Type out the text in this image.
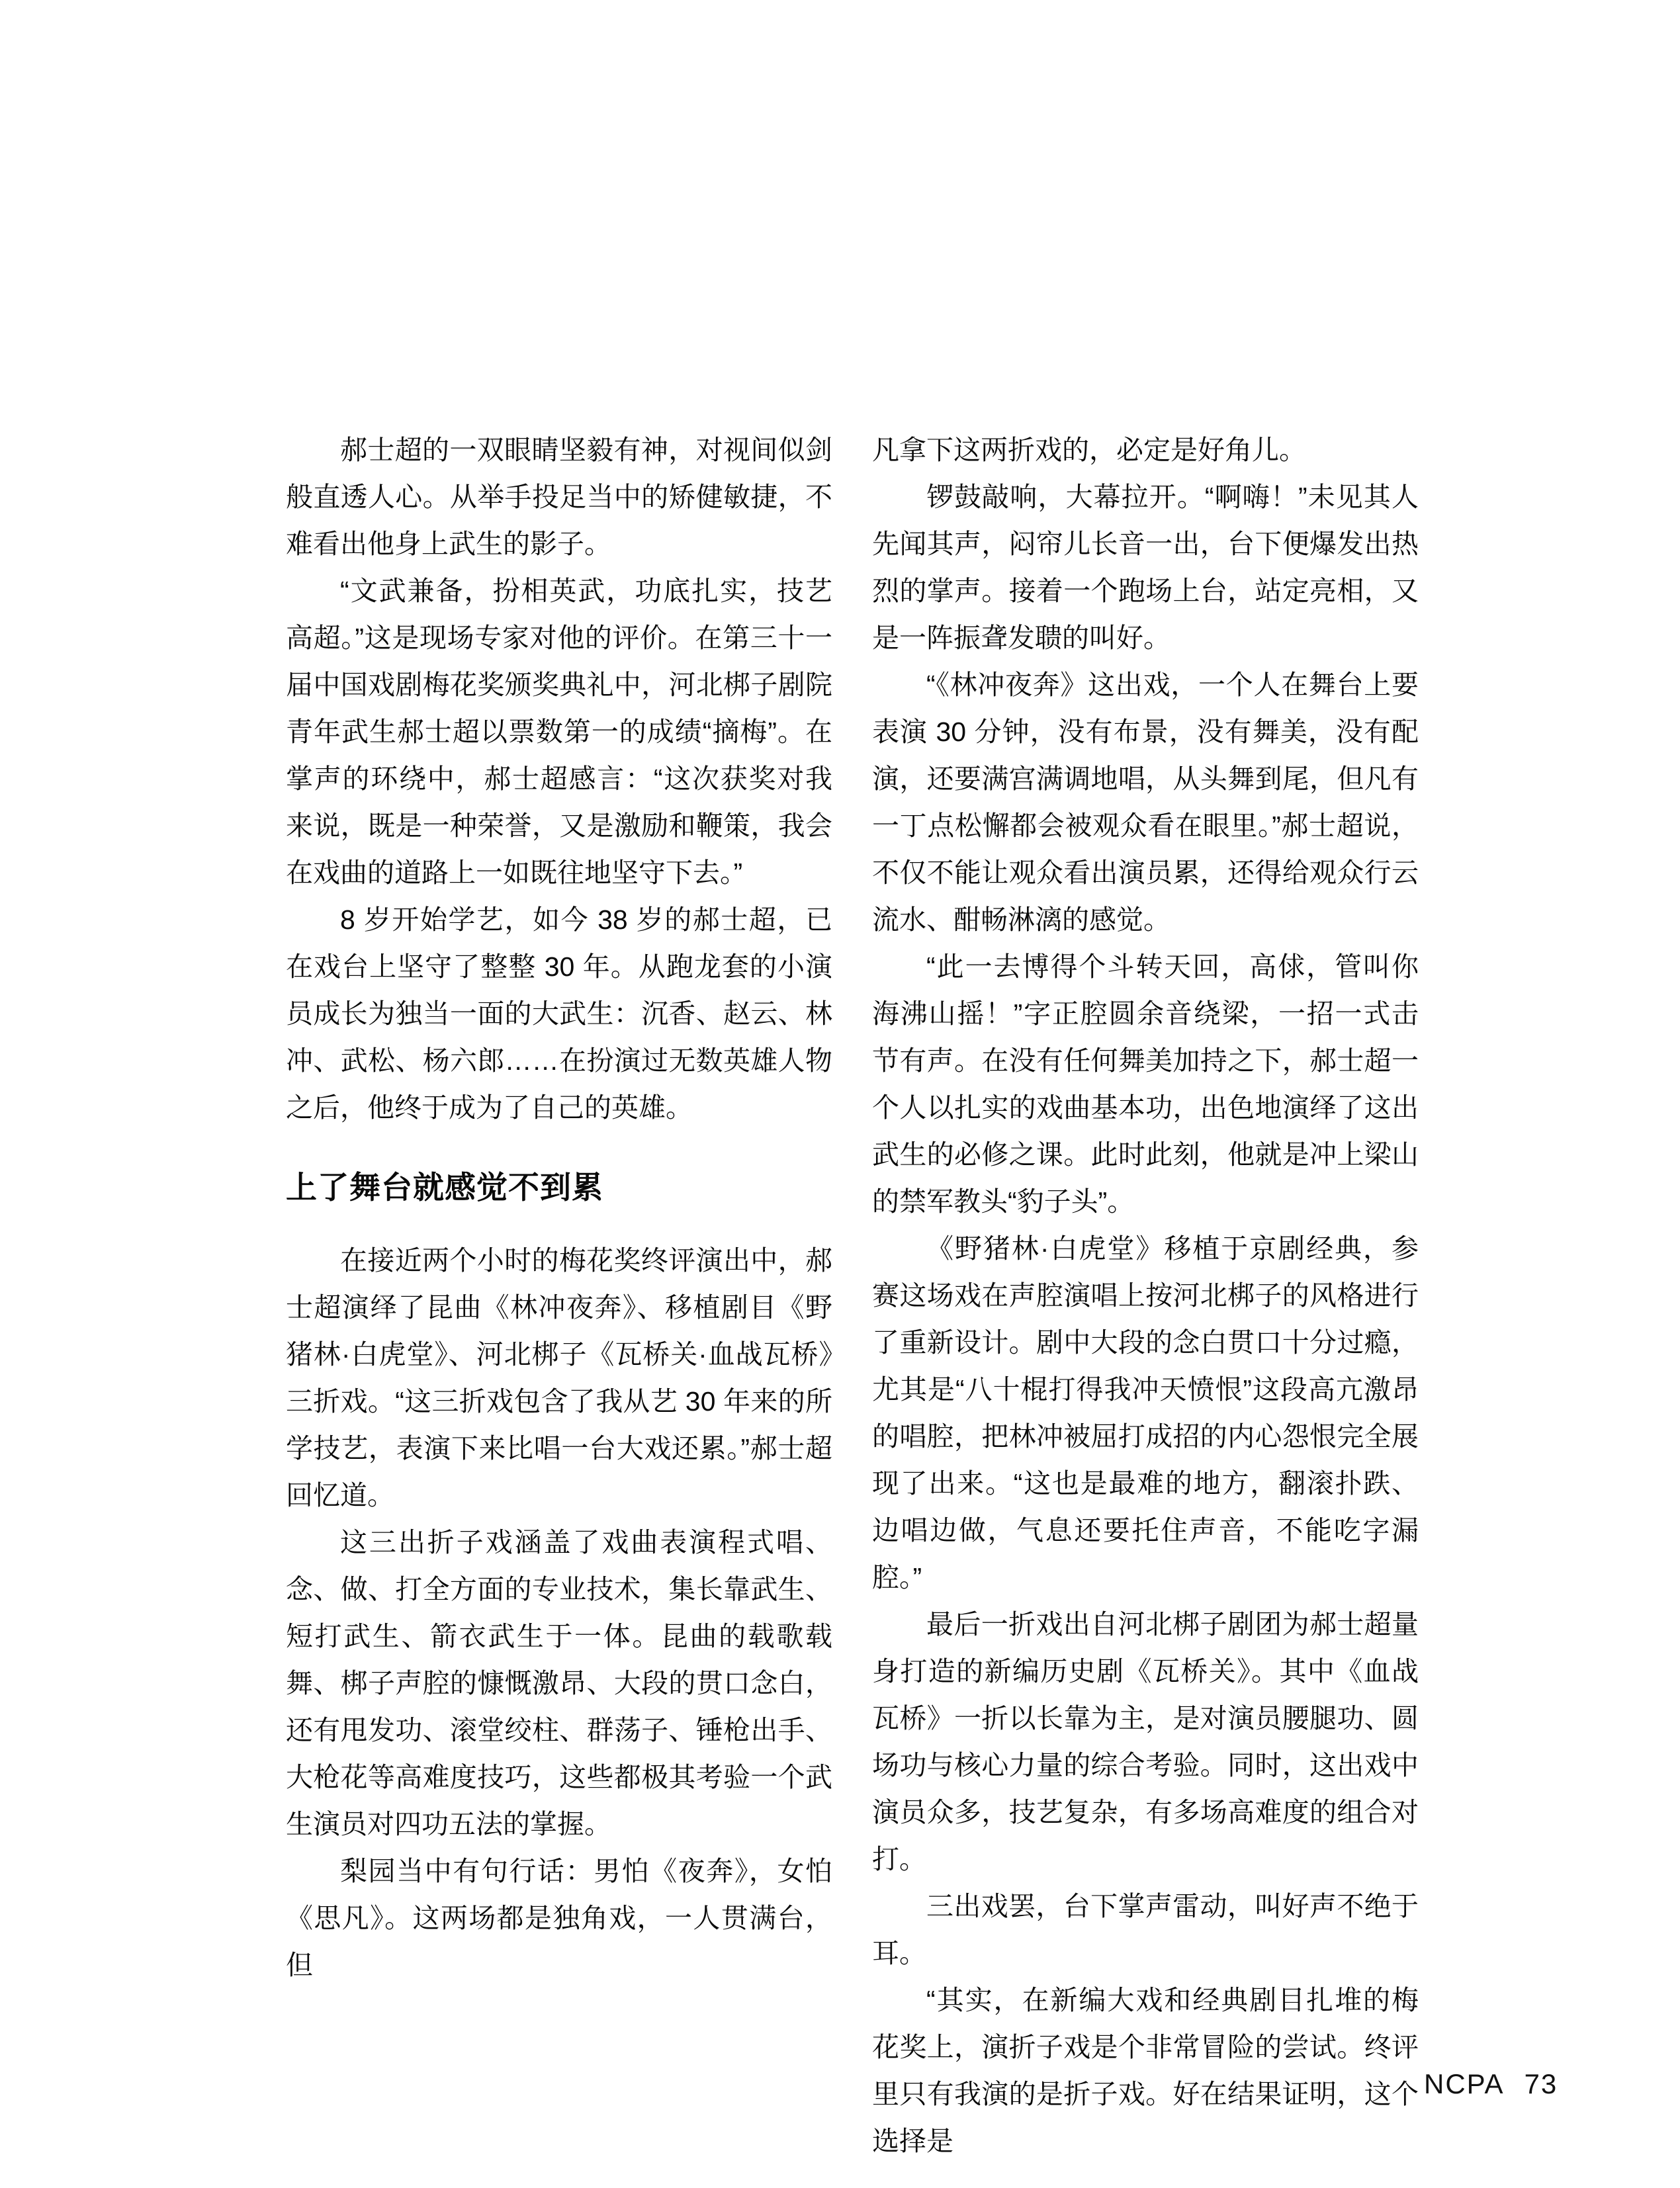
郝士超的一双眼睛坚毅有神，对视间似剑般直透人心。从举手投足当中的矫健敏捷，不难看出他身上武生的影子。

“文武兼备，扮相英武，功底扎实，技艺高超。”这是现场专家对他的评价。在第三十一届中国戏剧梅花奖颁奖典礼中，河北梆子剧院青年武生郝士超以票数第一的成绩“摘梅”。在掌声的环绕中，郝士超感言：“这次获奖对我来说，既是一种荣誉，又是激励和鞭策，我会在戏曲的道路上一如既往地坚守下去。”

8 岁开始学艺，如今 38 岁的郝士超，已在戏台上坚守了整整 30 年。从跑龙套的小演员成长为独当一面的大武生：沉香、赵云、林冲、武松、杨六郎……在扮演过无数英雄人物之后，他终于成为了自己的英雄。

上了舞台就感觉不到累

在接近两个小时的梅花奖终评演出中，郝士超演绎了昆曲《林冲夜奔》、移植剧目《野猪林·白虎堂》、河北梆子《瓦桥关·血战瓦桥》三折戏。“这三折戏包含了我从艺 30 年来的所学技艺，表演下来比唱一台大戏还累。”郝士超回忆道。

这三出折子戏涵盖了戏曲表演程式唱、念、做、打全方面的专业技术，集长靠武生、短打武生、箭衣武生于一体。昆曲的载歌载舞、梆子声腔的慷慨激昂、大段的贯口念白，还有甩发功、滚堂绞柱、群荡子、锤枪出手、大枪花等高难度技巧，这些都极其考验一个武生演员对四功五法的掌握。

梨园当中有句行话：男怕《夜奔》，女怕《思凡》。这两场都是独角戏，一人贯满台，但

凡拿下这两折戏的，必定是好角儿。

锣鼓敲响，大幕拉开。“啊嗨！”未见其人先闻其声，闷帘儿长音一出，台下便爆发出热烈的掌声。接着一个跑场上台，站定亮相，又是一阵振聋发聩的叫好。

“《林冲夜奔》这出戏，一个人在舞台上要表演 30 分钟，没有布景，没有舞美，没有配演，还要满宫满调地唱，从头舞到尾，但凡有一丁点松懈都会被观众看在眼里。”郝士超说，不仅不能让观众看出演员累，还得给观众行云流水、酣畅淋漓的感觉。

“此一去博得个斗转天回，高俅，管叫你海沸山摇！”字正腔圆余音绕梁，一招一式击节有声。在没有任何舞美加持之下，郝士超一个人以扎实的戏曲基本功，出色地演绎了这出武生的必修之课。此时此刻，他就是冲上梁山的禁军教头“豹子头”。

《野猪林·白虎堂》移植于京剧经典，参赛这场戏在声腔演唱上按河北梆子的风格进行了重新设计。剧中大段的念白贯口十分过瘾，尤其是“八十棍打得我冲天愤恨”这段高亢激昂的唱腔，把林冲被屈打成招的内心怨恨完全展现了出来。“这也是最难的地方，翻滚扑跌、边唱边做，气息还要托住声音，不能吃字漏腔。”

最后一折戏出自河北梆子剧团为郝士超量身打造的新编历史剧《瓦桥关》。其中《血战瓦桥》一折以长靠为主，是对演员腰腿功、圆场功与核心力量的综合考验。同时，这出戏中演员众多，技艺复杂，有多场高难度的组合对打。

三出戏罢，台下掌声雷动，叫好声不绝于耳。

“其实，在新编大戏和经典剧目扎堆的梅花奖上，演折子戏是个非常冒险的尝试。终评里只有我演的是折子戏。好在结果证明，这个选择是

NCPA 73
